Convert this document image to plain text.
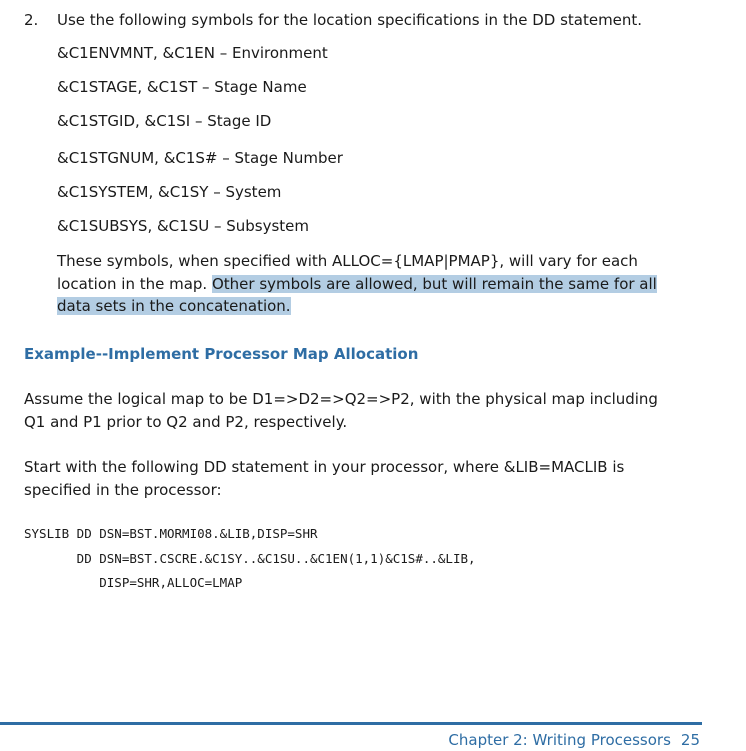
2. Use the following symbols for the location specifications in the DD statement.
&C1ENVMNT, &C1EN – Environment
&C1STAGE, &C1ST – Stage Name
&C1STGID, &C1SI – Stage ID
&C1STGNUM, &C1S# – Stage Number
&C1SYSTEM, &C1SY – System
&C1SUBSYS, &C1SU – Subsystem

These symbols, when specified with ALLOC={LMAP|PMAP}, will vary for each location in the map. Other symbols are allowed, but will remain the same for all data sets in the concatenation.

Example--Implement Processor Map Allocation

Assume the logical map to be D1=>D2=>Q2=>P2, with the physical map including Q1 and P1 prior to Q2 and P2, respectively.

Start with the following DD statement in your processor, where &LIB=MACLIB is specified in the processor:

SYSLIB DD DSN=BST.MORMI08.&LIB,DISP=SHR
DD DSN=BST.CSCRE.&C1SY..&C1SU..&C1EN(1,1)&C1S#..&LIB,
DISP=SHR,ALLOC=LMAP
Chapter 2: Writing Processors 25
